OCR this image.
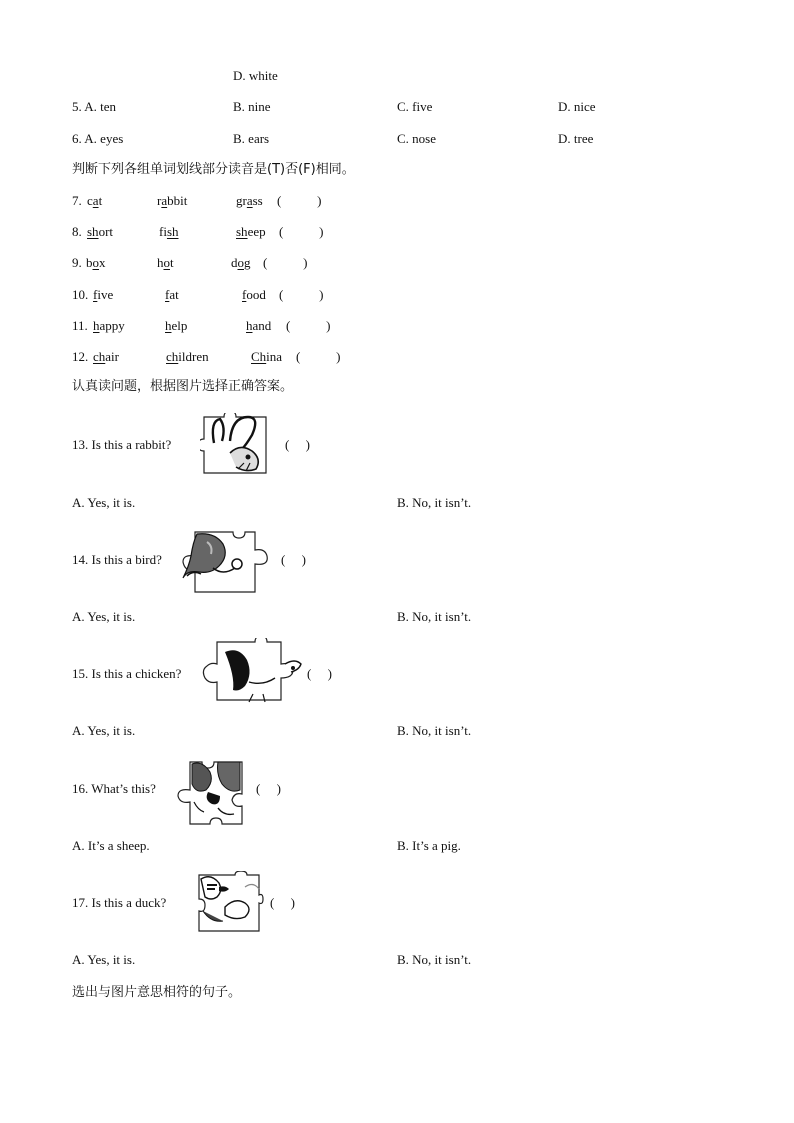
D. white
5. A. ten	B. nine	C. five	D. nice
6. A. eyes	B. ears	C. nose	D. tree
判断下列各组单词划线部分读音是(T)否(F)相同。
7. cat	rabbit	grass (           )
8. short	fish	sheep (           )
9. box	hot	dog (           )
10. five	fat	food (           )
11. happy	help	hand (           )
12. chair	children	China (           )
认真读问题，根据图片选择正确答案。
13. Is this a rabbit?	(     )
A. Yes, it is.	B. No, it isn’t.
14. Is this a bird?	(     )
A. Yes, it is.	B. No, it isn’t.
15. Is this a chicken?	(     )
A. Yes, it is.	B. No, it isn’t.
16. What’s this?	(     )
A. It’s a sheep.	B. It’s a pig.
17. Is this a duck?	(     )
A. Yes, it is.	B. No, it isn’t.
选出与图片意思相符的句子。
